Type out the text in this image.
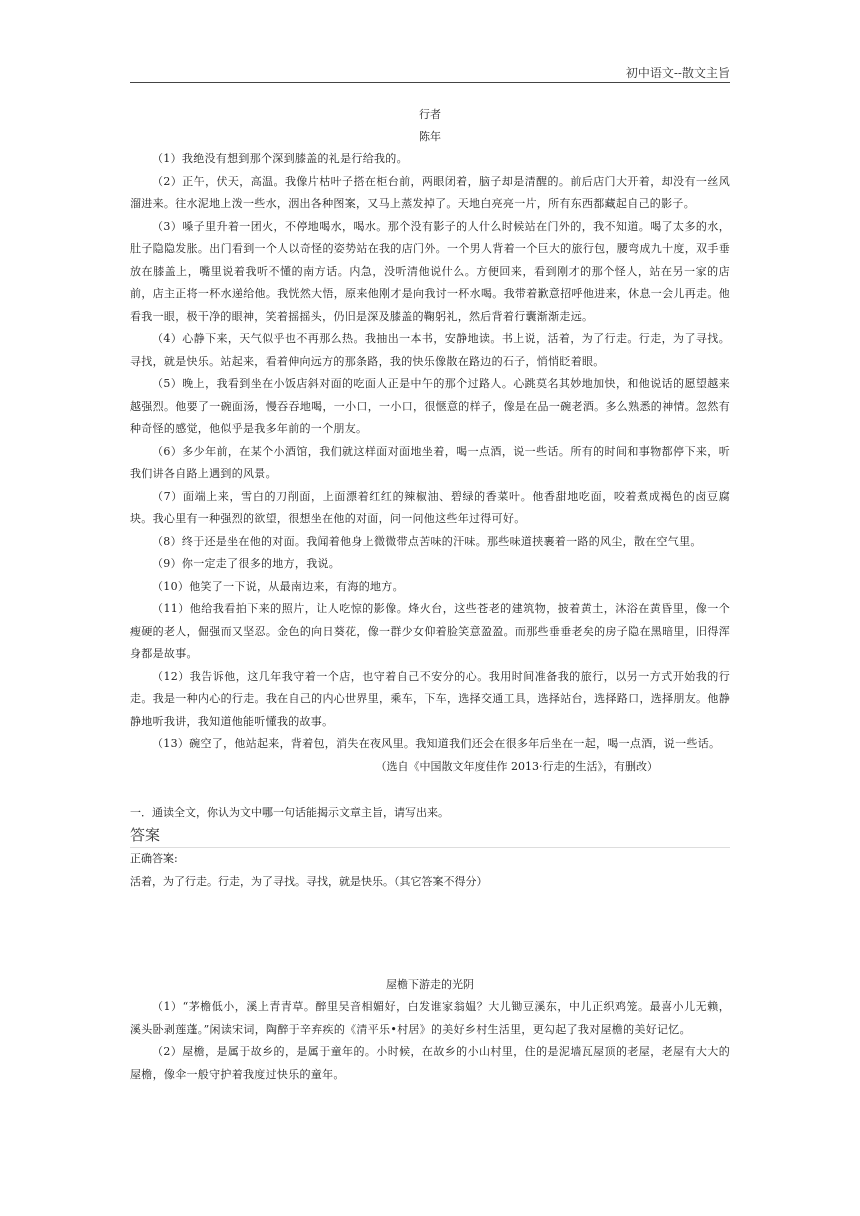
初中语文--散文主旨
行者
陈年

（1）我绝没有想到那个深到膝盖的礼是行给我的。

（2）正午，伏天，高温。我像片枯叶子搭在柜台前，两眼闭着，脑子却是清醒的。前后店门大开着，却没有一丝风溜进来。往水泥地上泼一些水，洇出各种图案，又马上蒸发掉了。天地白亮亮一片，所有东西都藏起自己的影子。

（3）嗓子里升着一团火，不停地喝水，喝水。那个没有影子的人什么时候站在门外的，我不知道。喝了太多的水，肚子隐隐发胀。出门看到一个人以奇怪的姿势站在我的店门外。一个男人背着一个巨大的旅行包，腰弯成九十度，双手垂放在膝盖上，嘴里说着我听不懂的南方话。内急，没听清他说什么。方便回来，看到刚才的那个怪人，站在另一家的店前，店主正将一杯水递给他。我恍然大悟，原来他刚才是向我讨一杯水喝。我带着歉意招呼他进来，休息一会儿再走。他看我一眼，极干净的眼神，笑着摇摇头，仍旧是深及膝盖的鞠躬礼，然后背着行囊渐渐走远。

（4）心静下来，天气似乎也不再那么热。我抽出一本书，安静地读。书上说，活着，为了行走。行走，为了寻找。寻找，就是快乐。站起来，看着伸向远方的那条路，我的快乐像散在路边的石子，悄悄眨着眼。

（5）晚上，我看到坐在小饭店斜对面的吃面人正是中午的那个过路人。心跳莫名其妙地加快，和他说话的愿望越来越强烈。他要了一碗面汤，慢吞吞地喝，一小口，一小口，很惬意的样子，像是在品一碗老酒。多么熟悉的神情。忽然有种奇怪的感觉，他似乎是我多年前的一个朋友。

（6）多少年前，在某个小酒馆，我们就这样面对面地坐着，喝一点酒，说一些话。所有的时间和事物都停下来，听我们讲各自路上遇到的风景。

（7）面端上来，雪白的刀削面，上面漂着红红的辣椒油、碧绿的香菜叶。他香甜地吃面，咬着煮成褐色的卤豆腐块。我心里有一种强烈的欲望，很想坐在他的对面，问一问他这些年过得可好。

（8）终于还是坐在他的对面。我闻着他身上微微带点苦味的汗味。那些味道挟裹着一路的风尘，散在空气里。

（9）你一定走了很多的地方，我说。

（10）他笑了一下说，从最南边来，有海的地方。

（11）他给我看拍下来的照片，让人吃惊的影像。烽火台，这些苍老的建筑物，披着黄土，沐浴在黄昏里，像一个瘦硬的老人，倔强而又坚忍。金色的向日葵花，像一群少女仰着脸笑意盈盈。而那些垂垂老矣的房子隐在黑暗里，旧得浑身都是故事。

（12）我告诉他，这几年我守着一个店，也守着自己不安分的心。我用时间准备我的旅行，以另一方式开始我的行走。我是一种内心的行走。我在自己的内心世界里，乘车，下车，选择交通工具，选择站台，选择路口，选择朋友。他静静地听我讲，我知道他能听懂我的故事。

（13）碗空了，他站起来，背着包，消失在夜风里。我知道我们还会在很多年后坐在一起，喝一点酒，说一些话。

（选自《中国散文年度佳作 2013·行走的生活》，有删改）
一．通读全文，你认为文中哪一句话能揭示文章主旨，请写出来。
答案
正确答案:
活着，为了行走。行走，为了寻找。寻找，就是快乐。（其它答案不得分）
屋檐下游走的光阴

（1）“茅檐低小，溪上青青草。醉里吴音相媚好，白发谁家翁媪？大儿锄豆溪东，中儿正织鸡笼。最喜小儿无赖，溪头卧剥莲蓬。”闲读宋词，陶醉于辛弃疾的《清平乐•村居》的美好乡村生活里，更勾起了我对屋檐的美好记忆。

（2）屋檐，是属于故乡的，是属于童年的。小时候，在故乡的小山村里，住的是泥墙瓦屋顶的老屋，老屋有大大的屋檐，像伞一般守护着我度过快乐的童年。
